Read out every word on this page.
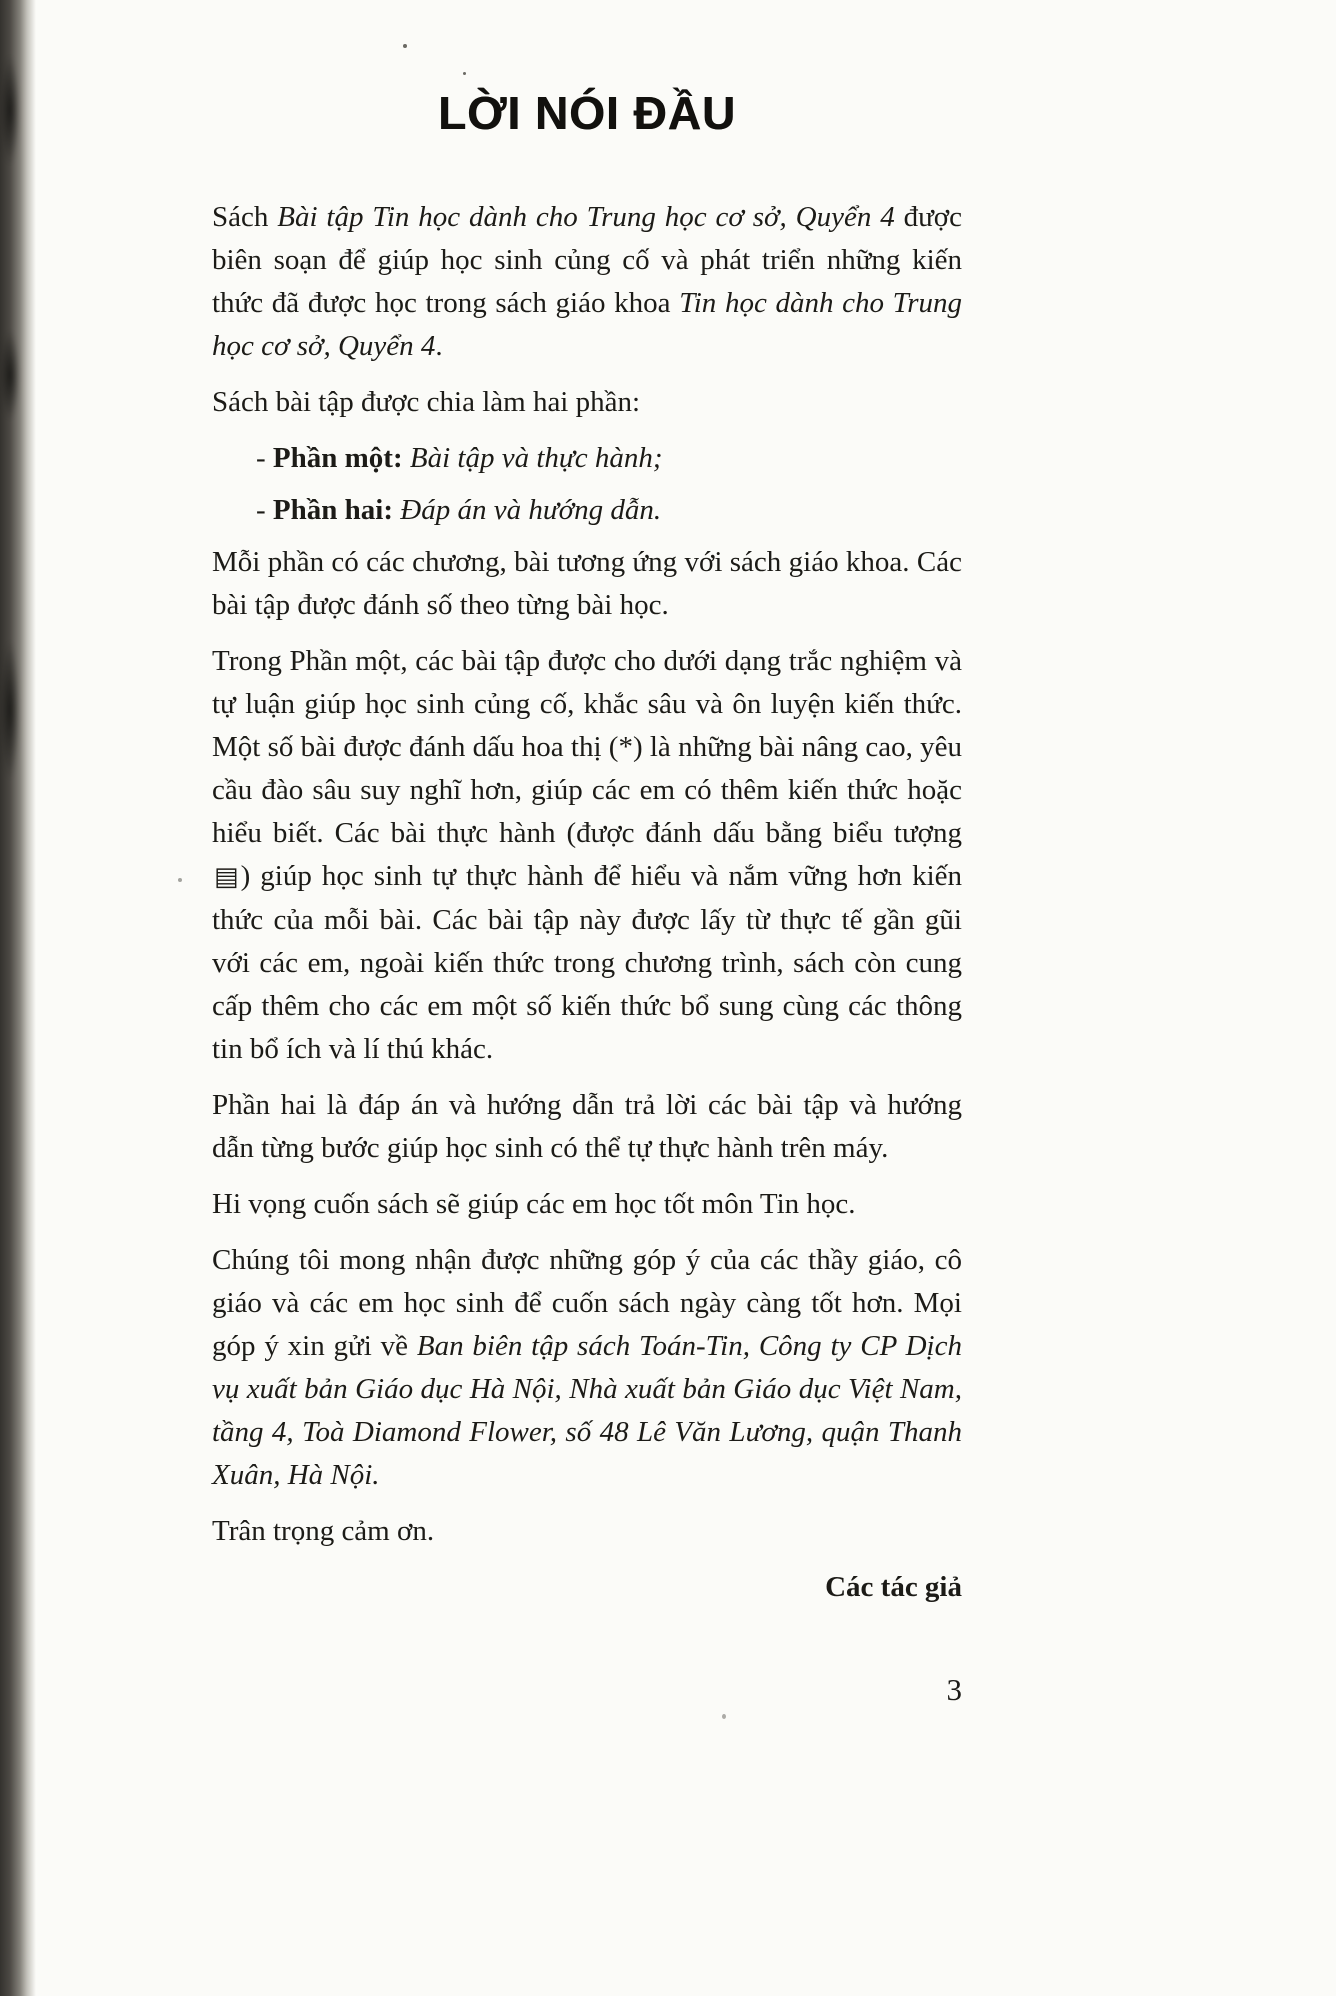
LỜI NÓI ĐẦU

Sách Bài tập Tin học dành cho Trung học cơ sở, Quyển 4 được biên soạn để giúp học sinh củng cố và phát triển những kiến thức đã được học trong sách giáo khoa Tin học dành cho Trung học cơ sở, Quyển 4.

Sách bài tập được chia làm hai phần:

- Phần một: Bài tập và thực hành;

- Phần hai: Đáp án và hướng dẫn.

Mỗi phần có các chương, bài tương ứng với sách giáo khoa. Các bài tập được đánh số theo từng bài học.

Trong Phần một, các bài tập được cho dưới dạng trắc nghiệm và tự luận giúp học sinh củng cố, khắc sâu và ôn luyện kiến thức. Một số bài được đánh dấu hoa thị (*) là những bài nâng cao, yêu cầu đào sâu suy nghĩ hơn, giúp các em có thêm kiến thức hoặc hiểu biết. Các bài thực hành (được đánh dấu bằng biểu tượng ▤) giúp học sinh tự thực hành để hiểu và nắm vững hơn kiến thức của mỗi bài. Các bài tập này được lấy từ thực tế gần gũi với các em, ngoài kiến thức trong chương trình, sách còn cung cấp thêm cho các em một số kiến thức bổ sung cùng các thông tin bổ ích và lí thú khác.

Phần hai là đáp án và hướng dẫn trả lời các bài tập và hướng dẫn từng bước giúp học sinh có thể tự thực hành trên máy.

Hi vọng cuốn sách sẽ giúp các em học tốt môn Tin học.

Chúng tôi mong nhận được những góp ý của các thầy giáo, cô giáo và các em học sinh để cuốn sách ngày càng tốt hơn. Mọi góp ý xin gửi về Ban biên tập sách Toán-Tin, Công ty CP Dịch vụ xuất bản Giáo dục Hà Nội, Nhà xuất bản Giáo dục Việt Nam, tầng 4, Toà Diamond Flower, số 48 Lê Văn Lương, quận Thanh Xuân, Hà Nội.

Trân trọng cảm ơn.

Các tác giả

3
